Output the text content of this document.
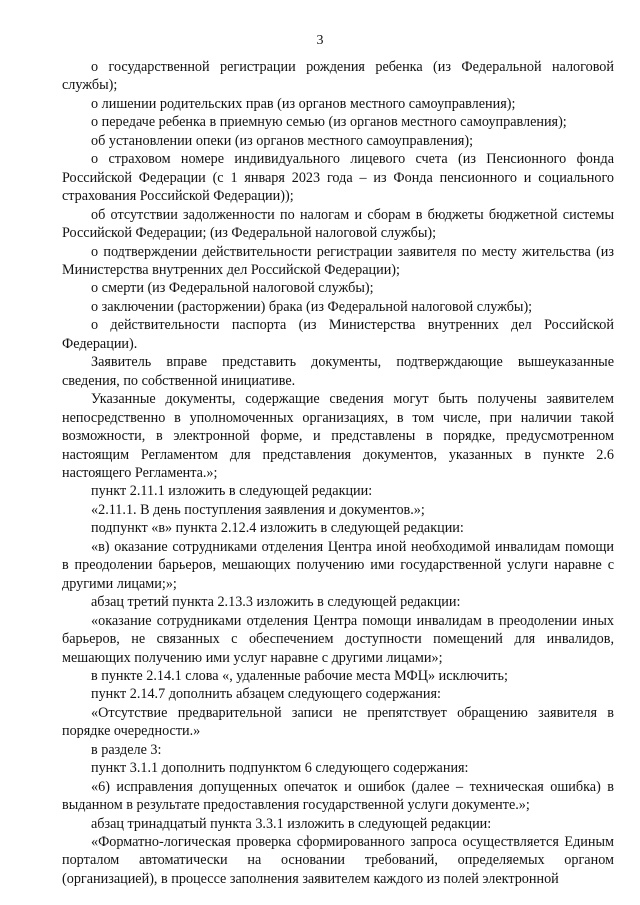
3

о государственной регистрации рождения ребенка (из Федеральной налоговой службы);

о лишении родительских прав (из органов местного самоуправления);

о передаче ребенка в приемную семью (из органов местного самоуправления);

об установлении опеки (из органов местного самоуправления);

о страховом номере индивидуального лицевого счета (из Пенсионного фонда Российской Федерации (с 1 января 2023 года – из Фонда пенсионного и социального страхования Российской Федерации));

об отсутствии задолженности по налогам и сборам в бюджеты бюджетной системы Российской Федерации; (из Федеральной налоговой службы);

о подтверждении действительности регистрации заявителя по месту жительства (из Министерства внутренних дел Российской Федерации);

о смерти (из Федеральной налоговой службы);

о заключении (расторжении) брака (из Федеральной налоговой службы);

о действительности паспорта (из Министерства внутренних дел Российской Федерации).

Заявитель вправе представить документы, подтверждающие вышеуказанные сведения, по собственной инициативе.

Указанные документы, содержащие сведения могут быть получены заявителем непосредственно в уполномоченных организациях, в том числе, при наличии такой возможности, в электронной форме, и представлены в порядке, предусмотренном настоящим Регламентом для представления документов, указанных в пункте 2.6 настоящего Регламента.»;

пункт 2.11.1 изложить в следующей редакции:

«2.11.1. В день поступления заявления и документов.»;

подпункт «в» пункта 2.12.4 изложить в следующей редакции:

«в) оказание сотрудниками отделения Центра иной необходимой инвалидам помощи в преодолении барьеров, мешающих получению ими государственной услуги наравне с другими лицами;»;

абзац третий пункта 2.13.3 изложить в следующей редакции:

«оказание сотрудниками отделения Центра помощи инвалидам в преодолении иных барьеров, не связанных с обеспечением доступности помещений для инвалидов, мешающих получению ими услуг наравне с другими лицами»;

в пункте 2.14.1 слова «, удаленные рабочие места МФЦ» исключить;

пункт 2.14.7 дополнить абзацем следующего содержания:

«Отсутствие предварительной записи не препятствует обращению заявителя в порядке очередности.»

в разделе 3:

пункт 3.1.1 дополнить подпунктом 6 следующего содержания:

«6) исправления допущенных опечаток и ошибок (далее – техническая ошибка) в выданном в результате предоставления государственной услуги документе.»;

абзац тринадцатый пункта 3.3.1 изложить в следующей редакции:

«Форматно-логическая проверка сформированного запроса осуществляется Единым порталом автоматически на основании требований, определяемых органом (организацией), в процессе заполнения заявителем каждого из полей электронной
